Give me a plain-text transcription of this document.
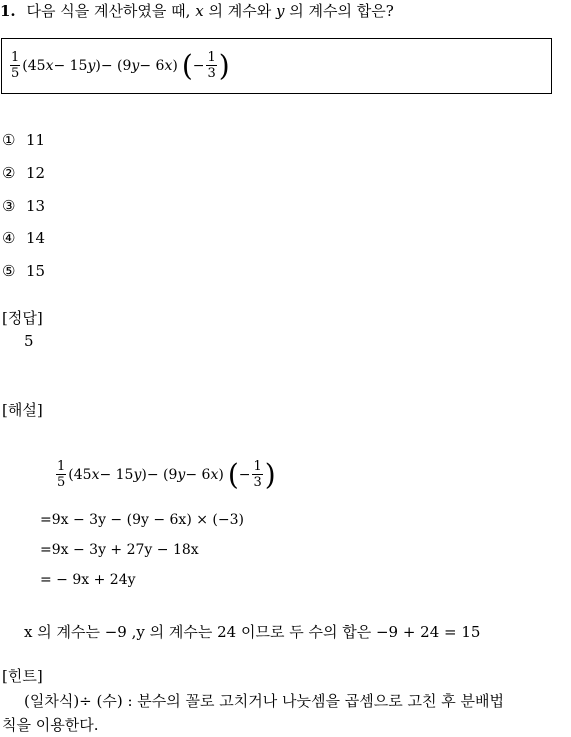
1. 다음 식을 계산하였을 때, x 의 계수와 y 의 계수의 합은?
$\frac{1}{5} (45$ x − 15 y ) − (9 y − 6 x ) ( − $\frac{1}{3}$ )
① 11
② 12
③ 13
④ 14
⑤ 15
[정답]
5
[해설]
$\frac{1}{5} (45$ x − 15 y ) − (9 y − 6 x ) ( − $\frac{1}{3}$ )
=9x − 3y − (9y − 6x) × (−3)
=9x − 3y + 27y − 18x
= − 9x + 24y
x 의 계수는 −9 ,y 의 계수는 24 이므로 두 수의 합은 −9 + 24 = 15
[힌트]
(일차식)÷ (수) : 분수의 꼴로 고치거나 나눗셈을 곱셈으로 고친 후 분배법
칙을 이용한다.
